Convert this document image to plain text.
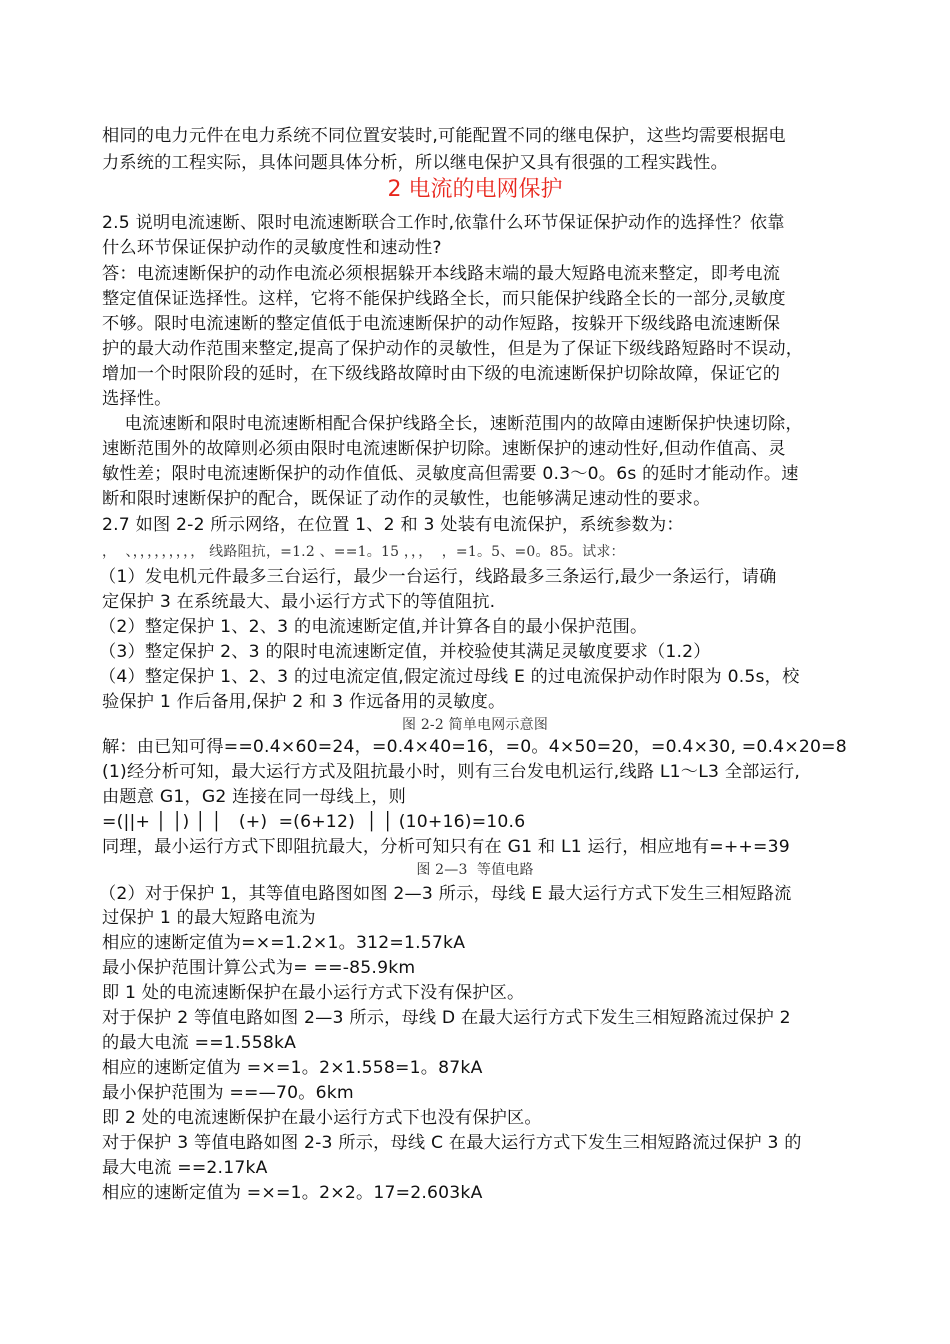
相同的电力元件在电力系统不同位置安装时,可能配置不同的继电保护，这些均需要根据电
力系统的工程实际，具体问题具体分析，所以继电保护又具有很强的工程实践性。
2 电流的电网保护
2.5 说明电流速断、限时电流速断联合工作时,依靠什么环节保证保护动作的选择性？依靠
什么环节保证保护动作的灵敏度性和速动性?
答：电流速断保护的动作电流必须根据躲开本线路末端的最大短路电流来整定，即考电流
整定值保证选择性。这样，它将不能保护线路全长，而只能保护线路全长的一部分,灵敏度
不够。限时电流速断的整定值低于电流速断保护的动作短路，按躲开下级线路电流速断保
护的最大动作范围来整定,提高了保护动作的灵敏性，但是为了保证下级线路短路时不误动，
增加一个时限阶段的延时，在下级线路故障时由下级的电流速断保护切除故障，保证它的
选择性。
电流速断和限时电流速断相配合保护线路全长，速断范围内的故障由速断保护快速切除，
速断范围外的故障则必须由限时电流速断保护切除。速断保护的速动性好,但动作值高、灵
敏性差；限时电流速断保护的动作值低、灵敏度高但需要 0.3～0。6s 的延时才能动作。速
断和限时速断保护的配合，既保证了动作的灵敏性，也能够满足速动性的要求。
2.7 如图 2-2 所示网络，在位置 1、2 和 3 处装有电流保护，系统参数为：
，  、，，，，，，，，， 线路阻抗，=1.2 、==1。15 ，，，  ，=1。5、=0。85。试求：
（1）发电机元件最多三台运行，最少一台运行，线路最多三条运行,最少一条运行，请确
定保护 3 在系统最大、最小运行方式下的等值阻抗.
（2）整定保护 1、2、3 的电流速断定值,并计算各自的最小保护范围。
（3）整定保护 2、3 的限时电流速断定值，并校验使其满足灵敏度要求（1.2）
（4）整定保护 1、2、3 的过电流定值,假定流过母线 E 的过电流保护动作时限为 0.5s，校
验保护 1 作后备用,保护 2 和 3 作远备用的灵敏度。
图 2-2 简单电网示意图
解：由已知可得==0.4×60=24，=0.4×40=16，=0。4×50=20，=0.4×30, =0.4×20=8
(1)经分析可知，最大运行方式及阻抗最小时，则有三台发电机运行,线路 L1～L3 全部运行,
由题意 G1，G2 连接在同一母线上，则
=(||+ │ │) │ │   (+)  =(6+12)  │ │ (10+16)=10.6
同理，最小运行方式下即阻抗最大，分析可知只有在 G1 和 L1 运行，相应地有=++=39
图 2—3  等值电路
（2）对于保护 1，其等值电路图如图 2—3 所示，母线 E 最大运行方式下发生三相短路流
过保护 1 的最大短路电流为
相应的速断定值为=×=1.2×1。312=1.57kA
最小保护范围计算公式为= ==-85.9km
即 1 处的电流速断保护在最小运行方式下没有保护区。
对于保护 2 等值电路如图 2—3 所示，母线 D 在最大运行方式下发生三相短路流过保护 2
的最大电流 ==1.558kA
相应的速断定值为 =×=1。2×1.558=1。87kA
最小保护范围为 ==—70。6km
即 2 处的电流速断保护在最小运行方式下也没有保护区。
对于保护 3 等值电路如图 2-3 所示，母线 C 在最大运行方式下发生三相短路流过保护 3 的
最大电流 ==2.17kA
相应的速断定值为 =×=1。2×2。17=2.603kA
